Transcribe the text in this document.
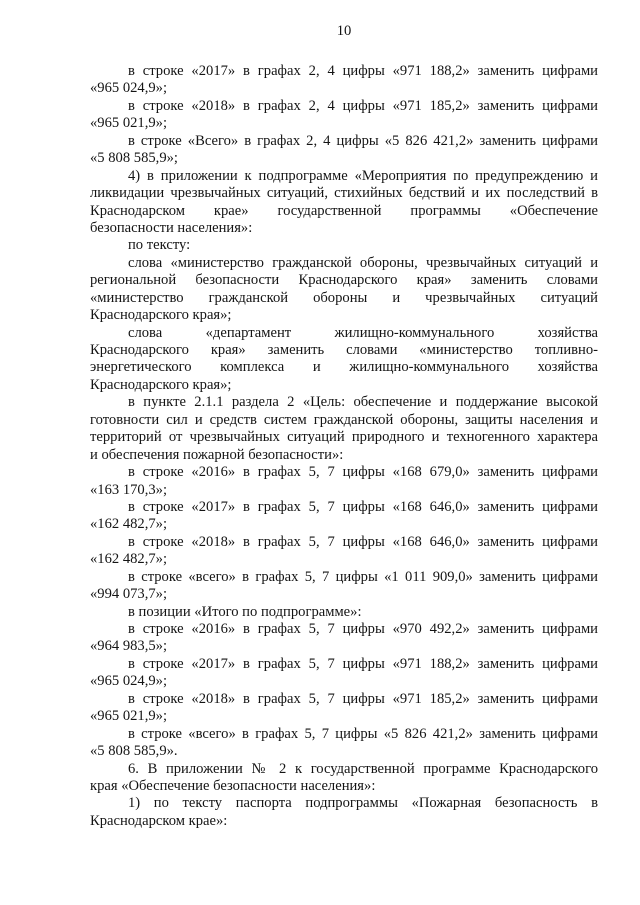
10
в строке «2017» в графах 2, 4 цифры «971 188,2» заменить цифрами
«965 024,9»;
в строке «2018» в графах 2, 4 цифры «971 185,2» заменить цифрами
«965 021,9»;
в строке «Всего» в графах 2, 4 цифры «5 826 421,2» заменить цифрами
«5 808 585,9»;
4) в приложении к подпрограмме «Мероприятия по предупреждению и
ликвидации чрезвычайных ситуаций, стихийных бедствий и их последствий в
Краснодарском крае» государственной программы «Обеспечение
безопасности населения»:
по тексту:
слова «министерство гражданской обороны, чрезвычайных ситуаций и
региональной безопасности Краснодарского края» заменить словами
«министерство гражданской обороны и чрезвычайных ситуаций
Краснодарского края»;
слова «департамент жилищно-коммунального хозяйства
Краснодарского края» заменить словами «министерство топливно-
энергетического комплекса и жилищно-коммунального хозяйства
Краснодарского края»;
в пункте 2.1.1 раздела 2 «Цель: обеспечение и поддержание высокой
готовности сил и средств систем гражданской обороны, защиты населения и
территорий от чрезвычайных ситуаций природного и техногенного характера
и обеспечения пожарной безопасности»:
в строке «2016» в графах 5, 7 цифры «168 679,0» заменить цифрами
«163 170,3»;
в строке «2017» в графах 5, 7 цифры «168 646,0» заменить цифрами
«162 482,7»;
в строке «2018» в графах 5, 7 цифры «168 646,0» заменить цифрами
«162 482,7»;
в строке «всего» в графах 5, 7 цифры «1 011 909,0» заменить цифрами
«994 073,7»;
в позиции «Итого по подпрограмме»:
в строке «2016» в графах 5, 7 цифры «970 492,2» заменить цифрами
«964 983,5»;
в строке «2017» в графах 5, 7 цифры «971 188,2» заменить цифрами
«965 024,9»;
в строке «2018» в графах 5, 7 цифры «971 185,2» заменить цифрами
«965 021,9»;
в строке «всего» в графах 5, 7 цифры «5 826 421,2» заменить цифрами
«5 808 585,9».
6. В приложении № 2 к государственной программе Краснодарского
края «Обеспечение безопасности населения»:
1) по тексту паспорта подпрограммы «Пожарная безопасность в
Краснодарском крае»:
